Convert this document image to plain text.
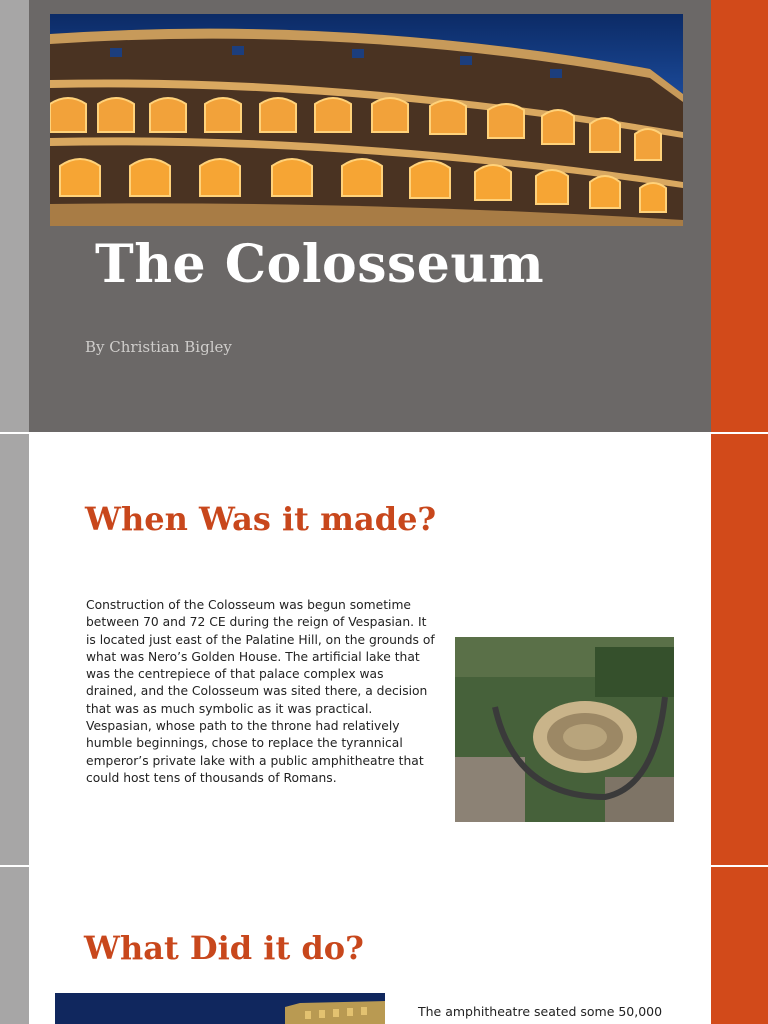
The Colosseum
By Christian Bigley
When Was it made?
Construction of the Colosseum was begun sometime between 70 and 72 CE during the reign of Vespasian. It is located just east of the Palatine Hill, on the grounds of what was Nero’s Golden House. The artificial lake that was the centrepiece of that palace complex was drained, and the Colosseum was sited there, a decision that was as much symbolic as it was practical. Vespasian, whose path to the throne had relatively humble beginnings, chose to replace the tyrannical emperor’s private lake with a public amphitheatre that could host tens of thousands of Romans.
What Did it do?
The amphitheatre seated some 50,000
